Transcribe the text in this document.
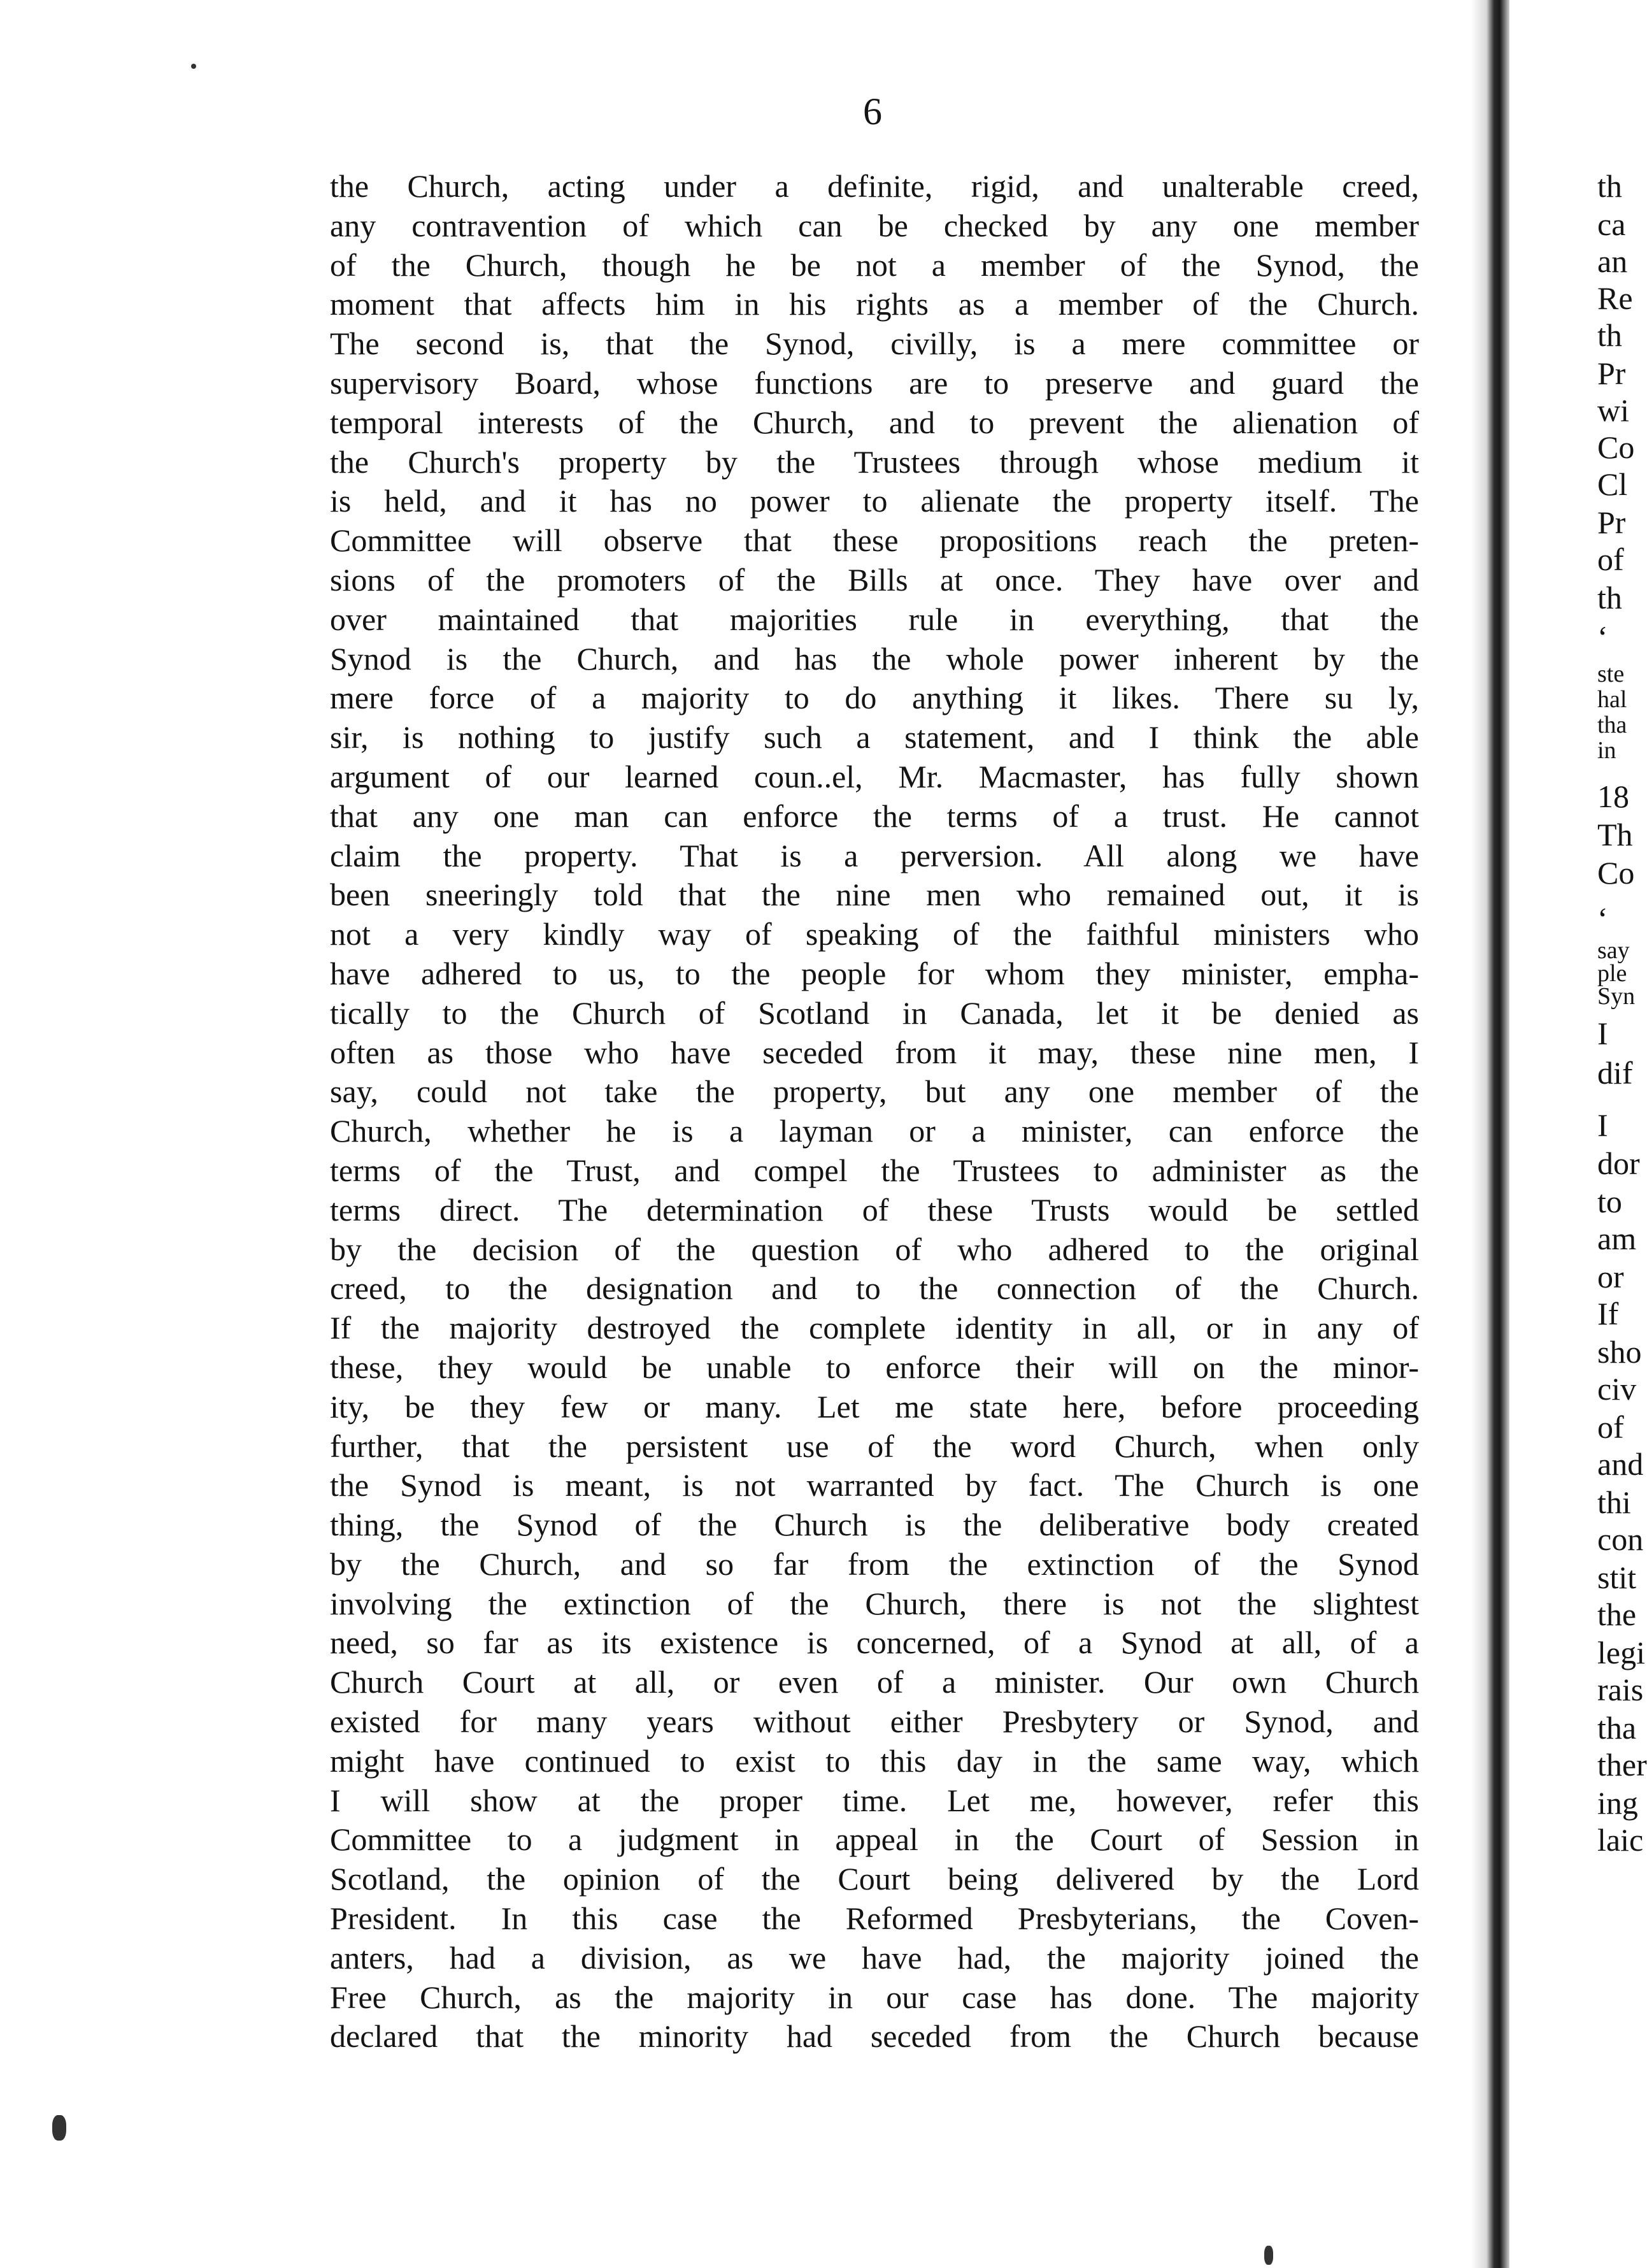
6
the Church, acting under a definite, rigid, and unalterable creed,
any contravention of which can be checked by any one member
of the Church, though he be not a member of the Synod, the
moment that affects him in his rights as a member of the Church.
The second is, that the Synod, civilly, is a mere committee or
supervisory Board, whose functions are to preserve and guard the
temporal interests of the Church, and to prevent the alienation of
the Church's property by the Trustees through whose medium it
is held, and it has no power to alienate the property itself. The
Committee will observe that these propositions reach the preten-
sions of the promoters of the Bills at once. They have over and
over maintained that majorities rule in everything, that the
Synod is the Church, and has the whole power inherent by the
mere force of a majority to do anything it likes. There su ly,
sir, is nothing to justify such a statement, and I think the able
argument of our learned coun..el, Mr. Macmaster, has fully shown
that any one man can enforce the terms of a trust. He cannot
claim the property. That is a perversion. All along we have
been sneeringly told that the nine men who remained out, it is
not a very kindly way of speaking of the faithful ministers who
have adhered to us, to the people for whom they minister, empha-
tically to the Church of Scotland in Canada, let it be denied as
often as those who have seceded from it may, these nine men, I
say, could not take the property, but any one member of the
Church, whether he is a layman or a minister, can enforce the
terms of the Trust, and compel the Trustees to administer as the
terms direct. The determination of these Trusts would be settled
by the decision of the question of who adhered to the original
creed, to the designation and to the connection of the Church.
If the majority destroyed the complete identity in all, or in any of
these, they would be unable to enforce their will on the minor-
ity, be they few or many. Let me state here, before proceeding
further, that the persistent use of the word Church, when only
the Synod is meant, is not warranted by fact. The Church is one
thing, the Synod of the Church is the deliberative body created
by the Church, and so far from the extinction of the Synod
involving the extinction of the Church, there is not the slightest
need, so far as its existence is concerned, of a Synod at all, of a
Church Court at all, or even of a minister. Our own Church
existed for many years without either Presbytery or Synod, and
might have continued to exist to this day in the same way, which
I will show at the proper time. Let me, however, refer this
Committee to a judgment in appeal in the Court of Session in
Scotland, the opinion of the Court being delivered by the Lord
President. In this case the Reformed Presbyterians, the Coven-
anters, had a division, as we have had, the majority joined the
Free Church, as the majority in our case has done. The majority
declared that the minority had seceded from the Church because
th
ca
an
Re
th
Pr
wi
Co
Cl
Pr
of
th
‘
ste
hal
tha
in
18
Th
Co
‘
say
ple
Syn
I
dif
I
dor
to
am
or
If
sho
civ
of
and
thi
con
stit
the
legi
rais
tha
ther
ing
laic
